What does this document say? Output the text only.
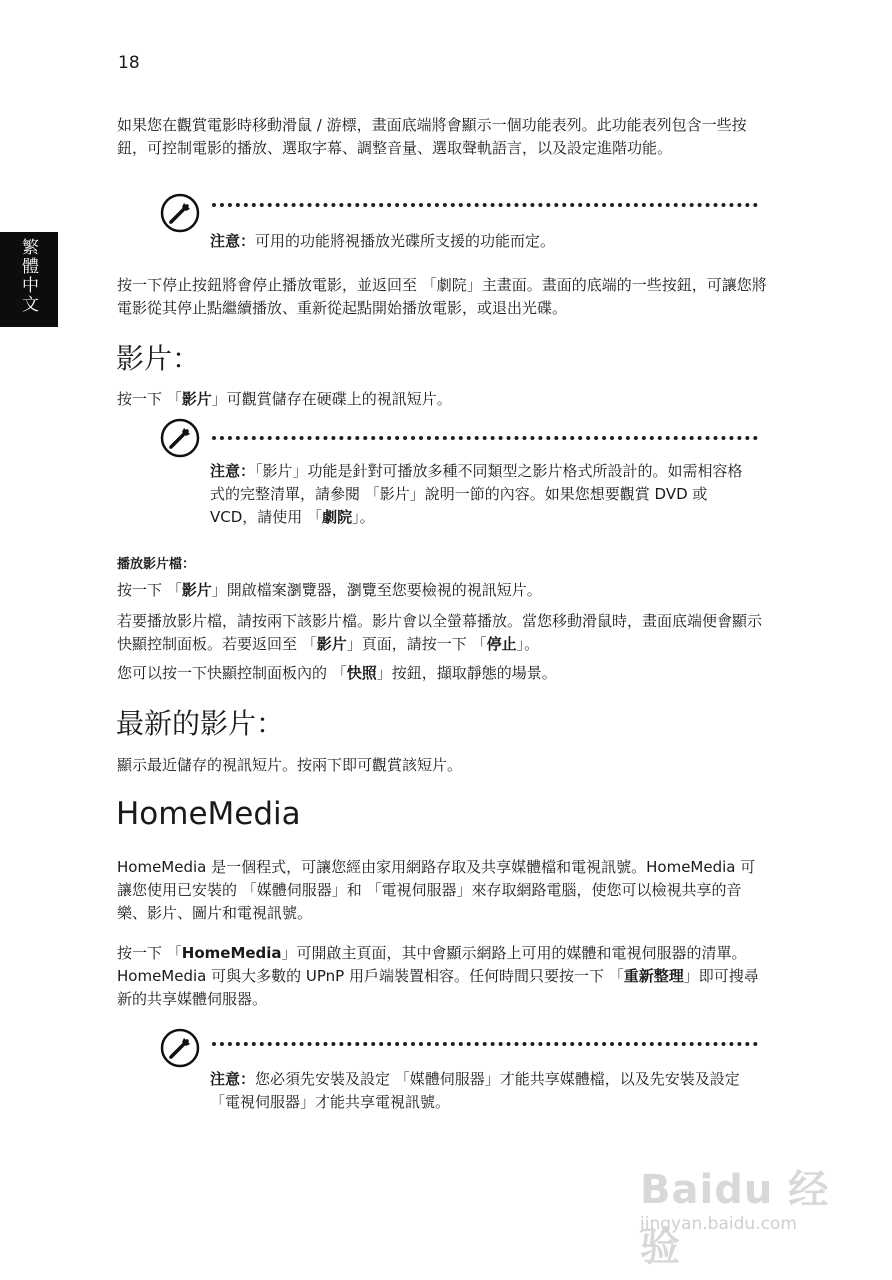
18
繁體中文

如果您在觀賞電影時移動滑鼠 / 游標，畫面底端將會顯示一個功能表列。此功能表列包含一些按鈕，可控制電影的播放、選取字幕、調整音量、選取聲軌語言，以及設定進階功能。

注意：可用的功能將視播放光碟所支援的功能而定。

按一下停止按鈕將會停止播放電影，並返回至 「劇院」主畫面。畫面的底端的一些按鈕，可讓您將電影從其停止點繼續播放、重新從起點開始播放電影，或退出光碟。

影片：

按一下 「影片」可觀賞儲存在硬碟上的視訊短片。

注意：「影片」功能是針對可播放多種不同類型之影片格式所設計的。如需相容格式的完整清單，請參閱 「影片」說明一節的內容。如果您想要觀賞 DVD 或 VCD，請使用 「劇院」。

播放影片檔：

按一下 「影片」開啟檔案瀏覽器，瀏覽至您要檢視的視訊短片。

若要播放影片檔，請按兩下該影片檔。影片會以全螢幕播放。當您移動滑鼠時，畫面底端便會顯示快顯控制面板。若要返回至 「影片」頁面，請按一下 「停止」。

您可以按一下快顯控制面板內的 「快照」按鈕，擷取靜態的場景。

最新的影片：

顯示最近儲存的視訊短片。按兩下即可觀賞該短片。

HomeMedia

HomeMedia 是一個程式，可讓您經由家用網路存取及共享媒體檔和電視訊號。HomeMedia 可讓您使用已安裝的 「媒體伺服器」和 「電視伺服器」來存取網路電腦，使您可以檢視共享的音樂、影片、圖片和電視訊號。

按一下 「HomeMedia」可開啟主頁面，其中會顯示網路上可用的媒體和電視伺服器的清單。HomeMedia 可與大多數的 UPnP 用戶端裝置相容。任何時間只要按一下 「重新整理」即可搜尋新的共享媒體伺服器。

注意：您必須先安裝及設定 「媒體伺服器」才能共享媒體檔，以及先安裝及設定 「電視伺服器」才能共享電視訊號。

Baidu 经验
jingyan.baidu.com
